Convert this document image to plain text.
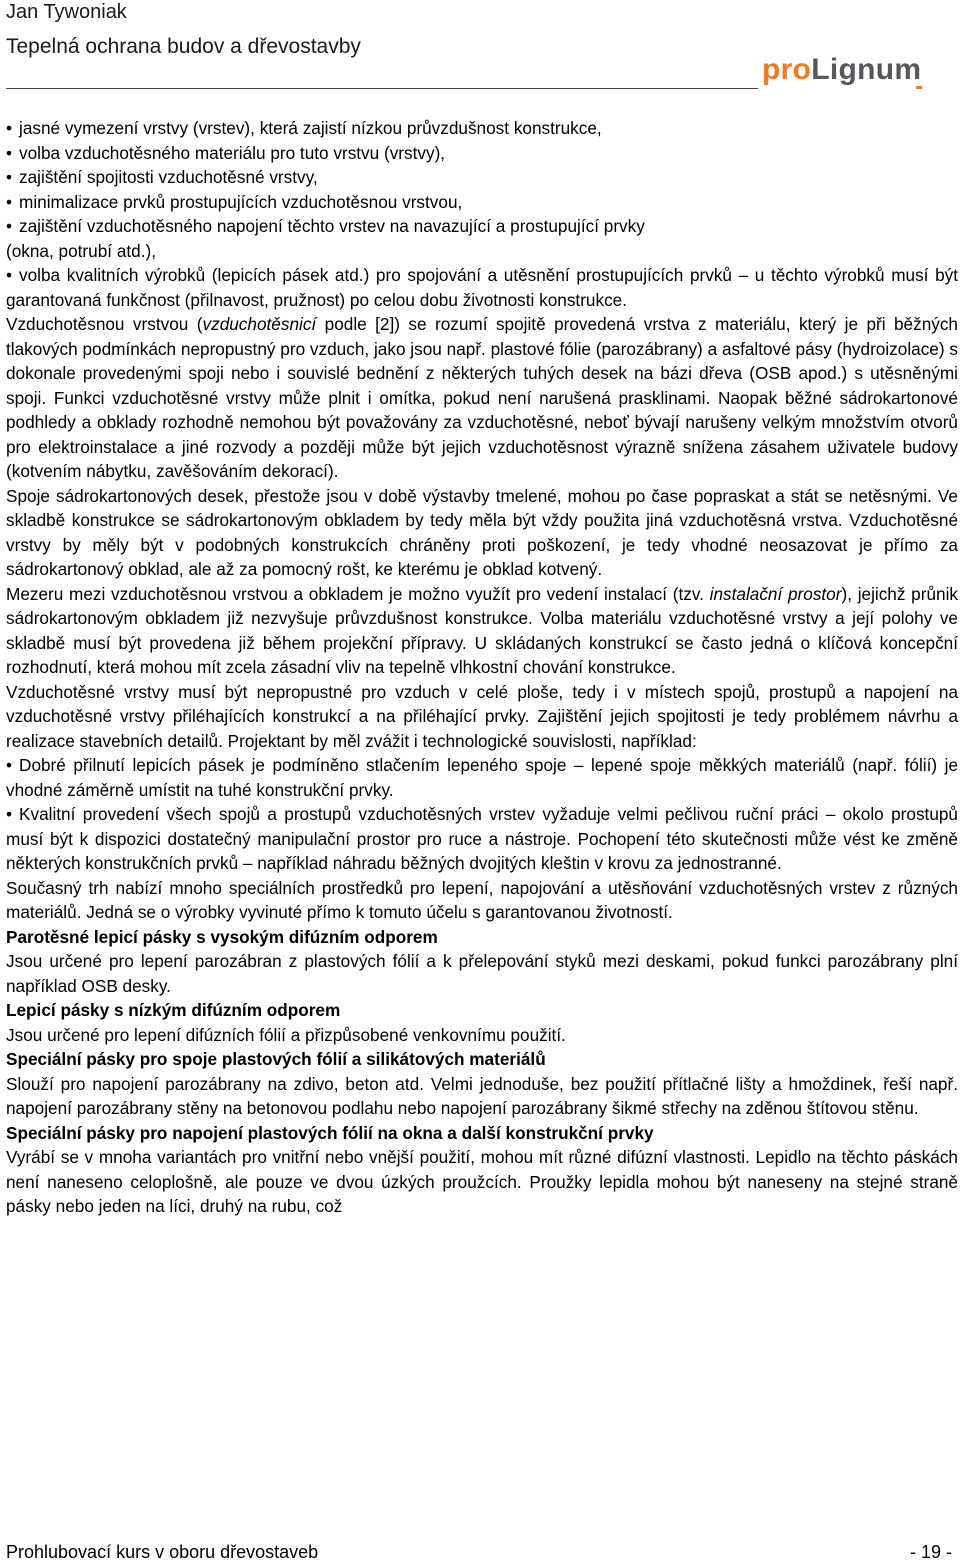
Jan Tywoniak
Tepelná ochrana budov a dřevostavby
proLignum

• jasné vymezení vrstvy (vrstev), která zajistí nízkou průvzdušnost konstrukce,

• volba vzduchotěsného materiálu pro tuto vrstvu (vrstvy),

• zajištění spojitosti vzduchotěsné vrstvy,

• minimalizace prvků prostupujících vzduchotěsnou vrstvou,

• zajištění vzduchotěsného napojení těchto vrstev na navazující a prostupující prvky

(okna, potrubí atd.),

• volba kvalitních výrobků (lepicích pásek atd.) pro spojování a utěsnění prostupujících prvků – u těchto výrobků musí být garantovaná funkčnost (přilnavost, pružnost) po celou dobu životnosti konstrukce.

Vzduchotěsnou vrstvou (vzduchotěsnicí podle [2]) se rozumí spojitě provedená vrstva z materiálu, který je při běžných tlakových podmínkách nepropustný pro vzduch, jako jsou např. plastové fólie (parozábrany) a asfaltové pásy (hydroizolace) s dokonale provedenými spoji nebo i souvislé bednění z některých tuhých desek na bázi dřeva (OSB apod.) s utěsněnými spoji. Funkci vzduchotěsné vrstvy může plnit i omítka, pokud není narušená prasklinami. Naopak běžné sádrokartonové podhledy a obklady rozhodně nemohou být považovány za vzduchotěsné, neboť bývají narušeny velkým množstvím otvorů pro elektroinstalace a jiné rozvody a později může být jejich vzduchotěsnost výrazně snížena zásahem uživatele budovy (kotvením nábytku, zavěšováním dekorací).

Spoje sádrokartonových desek, přestože jsou v době výstavby tmelené, mohou po čase popraskat a stát se netěsnými. Ve skladbě konstrukce se sádrokartonovým obkladem by tedy měla být vždy použita jiná vzduchotěsná vrstva. Vzduchotěsné vrstvy by měly být v podobných konstrukcích chráněny proti poškození, je tedy vhodné neosazovat je přímo za sádrokartonový obklad, ale až za pomocný rošt, ke kterému je obklad kotvený.

Mezeru mezi vzduchotěsnou vrstvou a obkladem je možno využít pro vedení instalací (tzv. instalační prostor), jejichž průnik sádrokartonovým obkladem již nezvyšuje průvzdušnost konstrukce. Volba materiálu vzduchotěsné vrstvy a její polohy ve skladbě musí být provedena již během projekční přípravy. U skládaných konstrukcí se často jedná o klíčová koncepční rozhodnutí, která mohou mít zcela zásadní vliv na tepelně vlhkostní chování konstrukce.

Vzduchotěsné vrstvy musí být nepropustné pro vzduch v celé ploše, tedy i v místech spojů, prostupů a napojení na vzduchotěsné vrstvy přiléhajících konstrukcí a na přiléhající prvky. Zajištění jejich spojitosti je tedy problémem návrhu a realizace stavebních detailů. Projektant by měl zvážit i technologické souvislosti, například:

• Dobré přilnutí lepicích pásek je podmíněno stlačením lepeného spoje – lepené spoje měkkých materiálů (např. fólií) je vhodné záměrně umístit na tuhé konstrukční prvky.

• Kvalitní provedení všech spojů a prostupů vzduchotěsných vrstev vyžaduje velmi pečlivou ruční práci – okolo prostupů musí být k dispozici dostatečný manipulační prostor pro ruce a nástroje. Pochopení této skutečnosti může vést ke změně některých konstrukčních prvků – například náhradu běžných dvojitých kleštin v krovu za jednostranné.

Současný trh nabízí mnoho speciálních prostředků pro lepení, napojování a utěsňování vzduchotěsných vrstev z různých materiálů. Jedná se o výrobky vyvinuté přímo k tomuto účelu s garantovanou životností.

Parotěsné lepicí pásky s vysokým difúzním odporem

Jsou určené pro lepení parozábran z plastových fólií a k přelepování styků mezi deskami, pokud funkci parozábrany plní například OSB desky.

Lepicí pásky s nízkým difúzním odporem

Jsou určené pro lepení difúzních fólií a přizpůsobené venkovnímu použití.

Speciální pásky pro spoje plastových fólií a silikátových materiálů

Slouží pro napojení parozábrany na zdivo, beton atd. Velmi jednoduše, bez použití přítlačné lišty a hmoždinek, řeší např. napojení parozábrany stěny na betonovou podlahu nebo napojení parozábrany šikmé střechy na zděnou štítovou stěnu.

Speciální pásky pro napojení plastových fólií na okna a další konstrukční prvky

Vyrábí se v mnoha variantách pro vnitřní nebo vnější použití, mohou mít různé difúzní vlastnosti. Lepidlo na těchto páskách není naneseno celoplošně, ale pouze ve dvou úzkých proužcích. Proužky lepidla mohou být naneseny na stejné straně pásky nebo jeden na líci, druhý na rubu, což

Prohlubovací kurs v oboru dřevostaveb	- 19 -
